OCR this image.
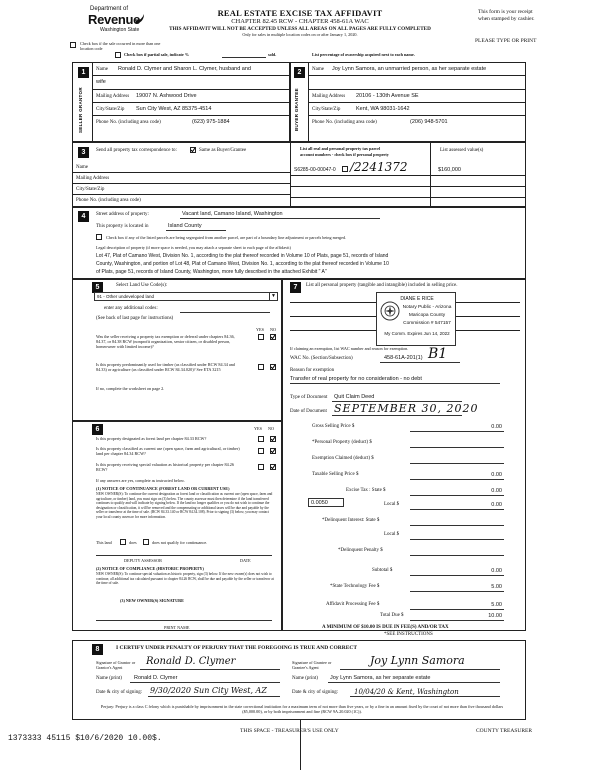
Department of
Revenue
Washington State
REAL ESTATE EXCISE TAX AFFIDAVIT
CHAPTER 82.45 RCW - CHAPTER 458-61A WAC
THIS AFFIDAVIT WILL NOT BE ACCEPTED UNLESS ALL AREAS ON ALL PAGES ARE FULLY COMPLETED
Only for sales in multiple location codes on or after January 1, 2020.
This form is your receipt
when stamped by cashier.
PLEASE TYPE OR PRINT
Check box if the sale occurred in more than one location code
Check box if partial sale, indicate %	sold.	List percentage of ownership acquired next to each name.
1
SELLER GRANTOR
Name Ronald D. Clymer and Sharon L. Clymer, husband and
wife
Mailing Address 19007 N. Ashwood Drive
City/State/Zip Sun City West, AZ 85375-4514
Phone No. (including area code)	(623) 975-1884
2
BUYER GRANTEE
Name Joy Lynn Samora, an unmarried person, as her separate estate
Mailing Address 20106 - 130th Avenue SE
City/State/Zip	Kent, WA 98031-1642
Phone No. (including area code)	(206) 948-5701
3	Send all property tax correspondence to:	Same as Buyer/Grantee
Name
Mailing Address
City/State/Zip
Phone No. (including area code)
List all real and personal property tax parcel
account numbers - check box if personal property
List assessed value(s)
S6285-00-00047-0 /2241372	$160,000
4	Street address of property:	Vacant land, Camano Island, Washington
This property is located in	Island County
Check box if any of the listed parcels are being segregated from another parcel, are part of a boundary line adjustment or parcels being merged.
Legal description of property (if more space is needed, you may attach a separate sheet to each page of the affidavit)
Lot 47, Plat of Camano West, Division No. 1, according to the plat thereof recorded in Volume 10 of Plats, page 51, records of Island
County, Washington, and portion of Lot 48, Plat of Camano West, Division No. 1, according to the plat thereof recorded in Volume 10
of Plats, page 51, records of Island County, Washington, more fully described in the attached Exhibit " A"
5	Select Land Use Code(s):
91 - Other undeveloped land	▼
enter any additional codes:
(See back of last page for instructions)
YES NO
Was the seller receiving a property tax exemption or deferral under chapters 84.36, 84.37, or 84.38 RCW (nonprofit organization, senior citizen, or disabled person, homeowner with limited income)?
Is this property predominantly used for timber (as classified under RCW 84.34 and 84.33) or agriculture (as classified under RCW 84.34.020)? See ETA 3215
If no, complete the worksheet on page 2.
6	YES NO
Is this property designated as forest land per chapter 84.33 RCW?
Is this property classified as current use (open space, farm and agricultural, or timber) land per chapter 84.34 RCW?
Is this property receiving special valuation as historical property per chapter 84.26 RCW?
If any answers are yes, complete as instructed below.
(1) NOTICE OF CONTINUANCE (FOREST LAND OR CURRENT USE)
NEW OWNER(S): To continue the current designation as forest land or classification as current use (open space, farm and agriculture, or timber) land, you must sign on (3) below. The county assessor must then determine if the land transferred continues to qualify and will indicate by signing below. If the land no longer qualifies or you do not wish to continue the designation or classification, it will be removed and the compensating or additional taxes will be due and payable by the seller or transferor at the time of sale. (RCW 84.33.140 or RCW 84.34.108). Prior to signing (3) below, you may contact your local county assessor for more information.
This land	does	does not qualify for continuance.
DEPUTY ASSESSOR	DATE
(2) NOTICE OF COMPLIANCE (HISTORIC PROPERTY)
NEW OWNER(S): To continue special valuation as historic property, sign (3) below. If the new owner(s) does not wish to continue, all additional tax calculated pursuant to chapter 84.26 RCW, shall be due and payable by the seller or transferor at the time of sale.
(3) NEW OWNER(S) SIGNATURE
PRINT NAME
7	List all personal property (tangible and intangible) included in selling price.
DIANE E RICE
Notary Public - Arizona
Maricopa County
Commission # 547157
My Comm. Expires Jun 14, 2022
If claiming an exemption, list WAC number and reason for exemption.
WAC No. (Section/Subsection)	458-61A-201(1) B1
Reason for exemption
Transfer of real property for no consideration - no debt
Type of Document Quit Claim Deed
Date of Document SEPTEMBER 30, 2020
Gross Selling Price $	0.00
*Personal Property (deduct) $
Exemption Claimed (deduct) $
Taxable Selling Price $	0.00
Excise Tax : State $	0.00
0.0050	Local $	0.00
*Delinquent Interest: State $
Local $
*Delinquent Penalty $
Subtotal $	0.00
*State Technology Fee $	5.00
Affidavit Processing Fee $	5.00
Total Due $	10.00
A MINIMUM OF $10.00 IS DUE IN FEE(S) AND/OR TAX
*SEE INSTRUCTIONS
8	I CERTIFY UNDER PENALTY OF PERJURY THAT THE FOREGOING IS TRUE AND CORRECT
Signature of Grantor or Grantor's Agent
Ronald D. Clymer
Name (print) Ronald D. Clymer
Date & city of signing: 9/30/2020 Sun City West, AZ
Signature of Grantee or Grantee's Agent
Joy Lynn Samora
Name (print) Joy Lynn Samora, as her separate estate
Date & city of signing: 10/04/20 & Kent, Washington
Perjury: Perjury is a class C felony which is punishable by imprisonment in the state correctional institution for a maximum term of not more than five years, or by a fine in an amount fixed by the court of not more than five thousand dollars ($5,000.00), or by both imprisonment and fine (RCW 9A.20.020 (1C)).
1373333 45115 $10/6/2020 10.00$.
THIS SPACE - TREASURER'S USE ONLY	COUNTY TREASURER
